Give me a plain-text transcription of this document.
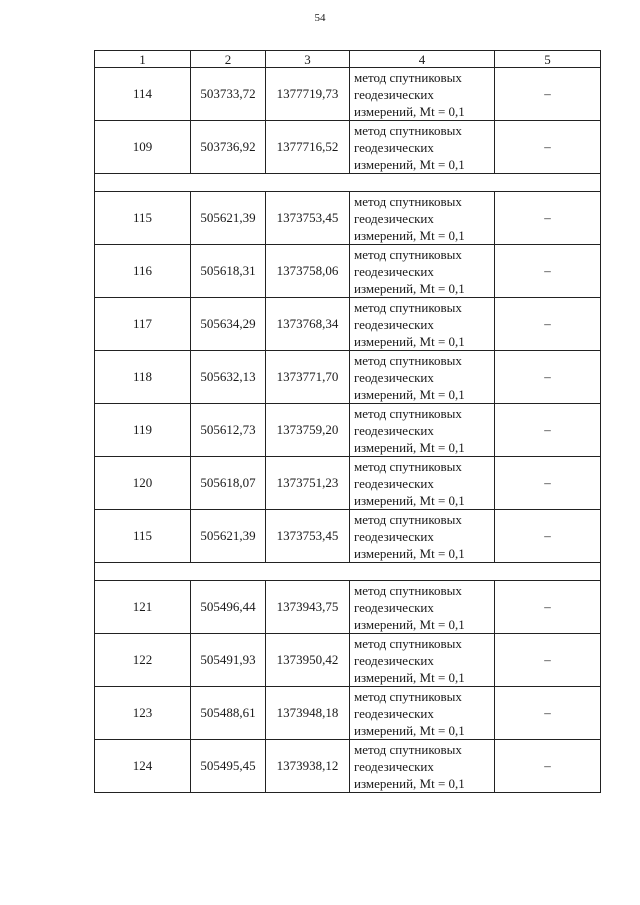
54
1	2	3	4	5
114	503733,72	1377719,73	метод спутниковых геодезических измерений, Mt = 0,1	–
109	503736,92	1377716,52	метод спутниковых геодезических измерений, Mt = 0,1	–

115	505621,39	1373753,45	метод спутниковых геодезических измерений, Mt = 0,1	–
116	505618,31	1373758,06	метод спутниковых геодезических измерений, Mt = 0,1	–
117	505634,29	1373768,34	метод спутниковых геодезических измерений, Mt = 0,1	–
118	505632,13	1373771,70	метод спутниковых геодезических измерений, Mt = 0,1	–
119	505612,73	1373759,20	метод спутниковых геодезических измерений, Mt = 0,1	–
120	505618,07	1373751,23	метод спутниковых геодезических измерений, Mt = 0,1	–
115	505621,39	1373753,45	метод спутниковых геодезических измерений, Mt = 0,1	–

121	505496,44	1373943,75	метод спутниковых геодезических измерений, Mt = 0,1	–
122	505491,93	1373950,42	метод спутниковых геодезических измерений, Mt = 0,1	–
123	505488,61	1373948,18	метод спутниковых геодезических измерений, Mt = 0,1	–
124	505495,45	1373938,12	метод спутниковых геодезических измерений, Mt = 0,1	–
